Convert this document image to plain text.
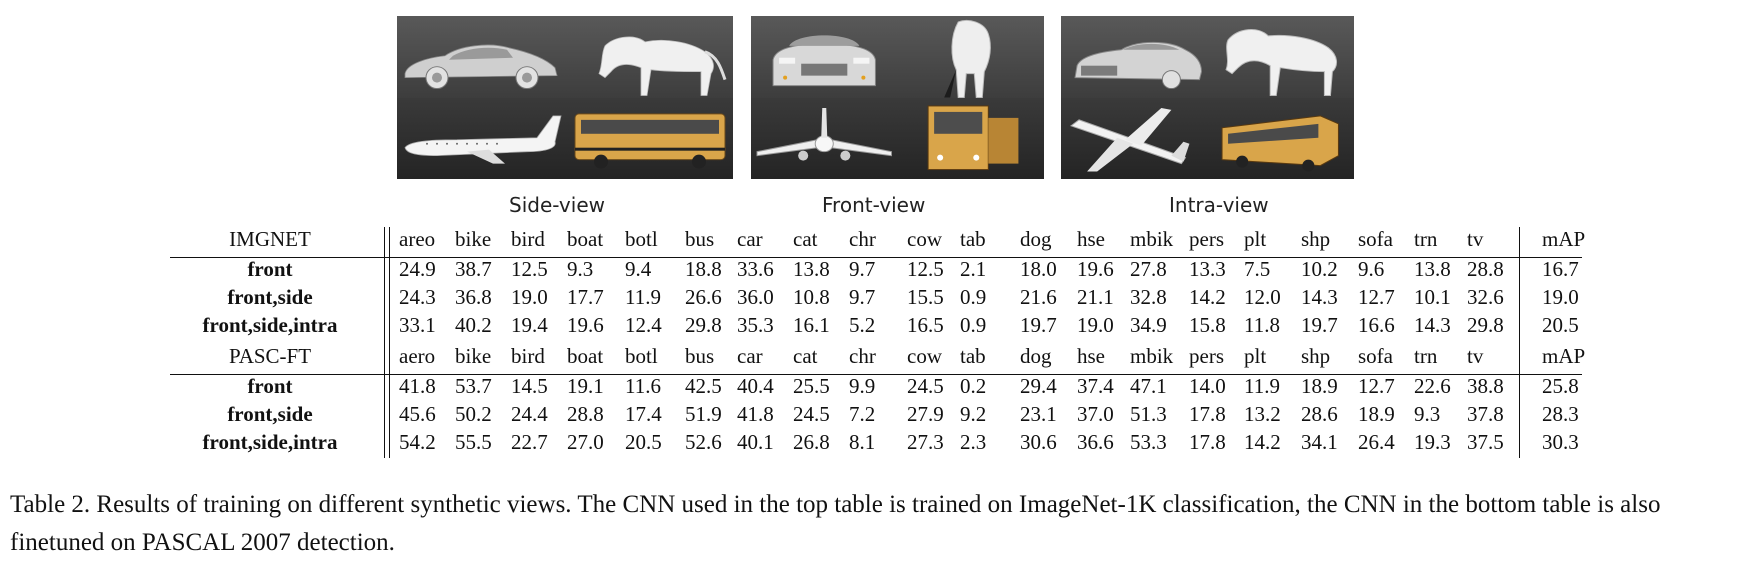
Side-view	Front-view	Intra-view
IMGNET	areo bike bird boat botl bus car cat chr cow tab dog hse mbik pers plt shp sofa trn tv	mAP
front	24.9 38.7 12.5 9.3 9.4 18.8 33.6 13.8 9.7 12.5 2.1 18.0 19.6 27.8 13.3 7.5 10.2 9.6 13.8 28.8 16.7
front,side	24.3 36.8 19.0 17.7 11.9 26.6 36.0 10.8 9.7 15.5 0.9 21.6 21.1 32.8 14.2 12.0 14.3 12.7 10.1 32.6 19.0
front,side,intra	33.1 40.2 19.4 19.6 12.4 29.8 35.3 16.1 5.2 16.5 0.9 19.7 19.0 34.9 15.8 11.8 19.7 16.6 14.3 29.8 20.5
PASC-FT	aero bike bird boat botl bus car cat chr cow tab dog hse mbik pers plt shp sofa trn tv	mAP
front	41.8 53.7 14.5 19.1 11.6 42.5 40.4 25.5 9.9 24.5 0.2 29.4 37.4 47.1 14.0 11.9 18.9 12.7 22.6 38.8 25.8
front,side	45.6 50.2 24.4 28.8 17.4 51.9 41.8 24.5 7.2 27.9 9.2 23.1 37.0 51.3 17.8 13.2 28.6 18.9 9.3 37.8 28.3
front,side,intra	54.2 55.5 22.7 27.0 20.5 52.6 40.1 26.8 8.1 27.3 2.3 30.6 36.6 53.3 17.8 14.2 34.1 26.4 19.3 37.5 30.3
Table 2. Results of training on different synthetic views. The CNN used in the top table is trained on ImageNet-1K classification, the CNN in the bottom table is also finetuned on PASCAL 2007 detection.
